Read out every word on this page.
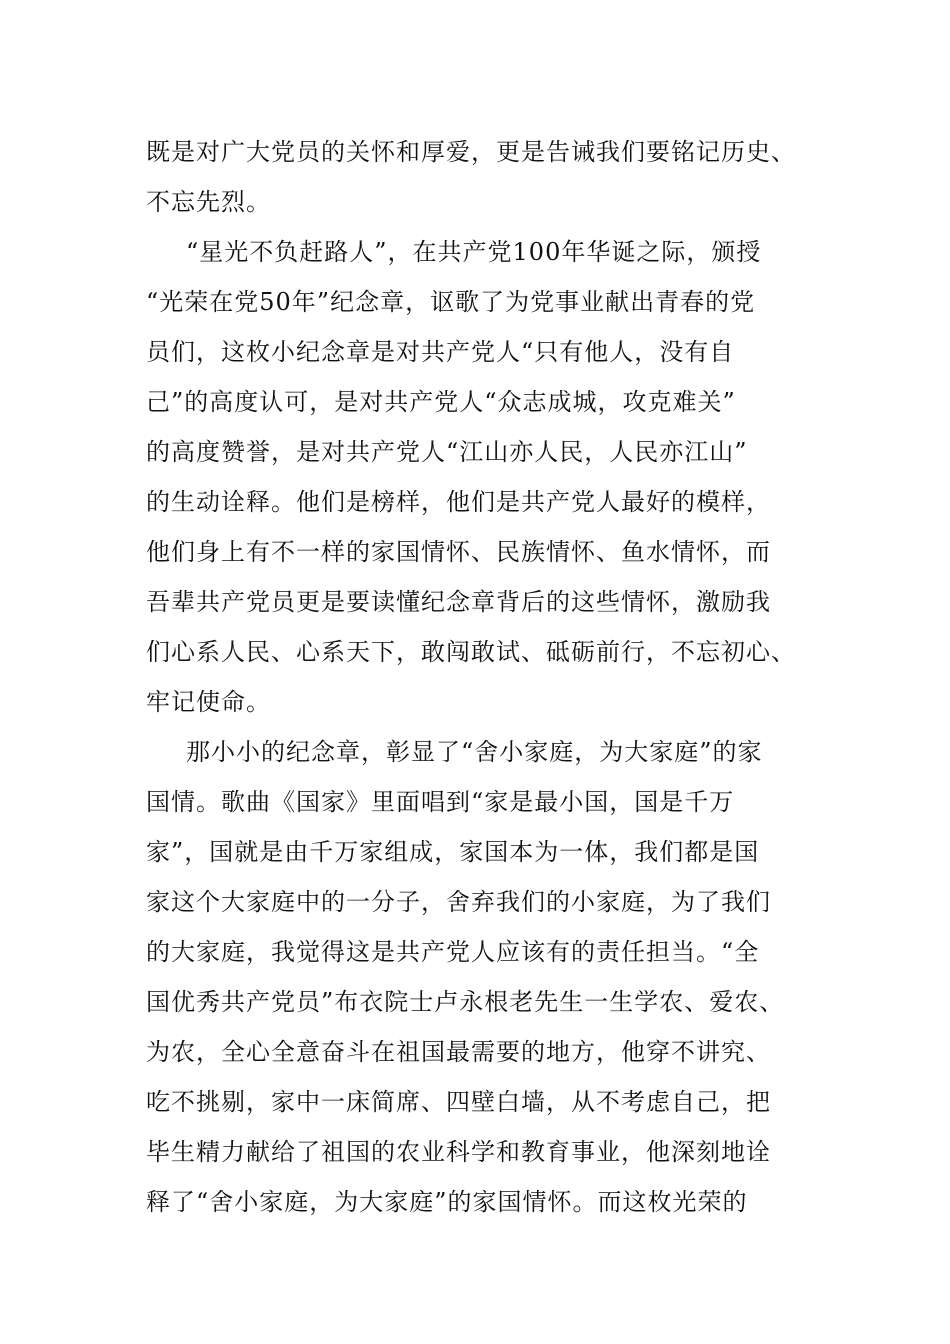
既是对广大党员的关怀和厚爱，更是告诫我们要铭记历史、
不忘先烈。
“星光不负赶路人”，在共产党100年华诞之际，颁授
“光荣在党50年”纪念章，讴歌了为党事业献出青春的党
员们，这枚小纪念章是对共产党人“只有他人，没有自
己”的高度认可，是对共产党人“众志成城，攻克难关”
的高度赞誉，是对共产党人“江山亦人民，人民亦江山”
的生动诠释。他们是榜样，他们是共产党人最好的模样，
他们身上有不一样的家国情怀、民族情怀、鱼水情怀，而
吾辈共产党员更是要读懂纪念章背后的这些情怀，激励我
们心系人民、心系天下，敢闯敢试、砥砺前行，不忘初心、
牢记使命。
那小小的纪念章，彰显了“舍小家庭，为大家庭”的家
国情。歌曲《国家》里面唱到“家是最小国，国是千万
家”，国就是由千万家组成，家国本为一体，我们都是国
家这个大家庭中的一分子，舍弃我们的小家庭，为了我们
的大家庭，我觉得这是共产党人应该有的责任担当。“全
国优秀共产党员”布衣院士卢永根老先生一生学农、爱农、
为农，全心全意奋斗在祖国最需要的地方，他穿不讲究、
吃不挑剔，家中一床简席、四壁白墙，从不考虑自己，把
毕生精力献给了祖国的农业科学和教育事业，他深刻地诠
释了“舍小家庭，为大家庭”的家国情怀。而这枚光荣的
